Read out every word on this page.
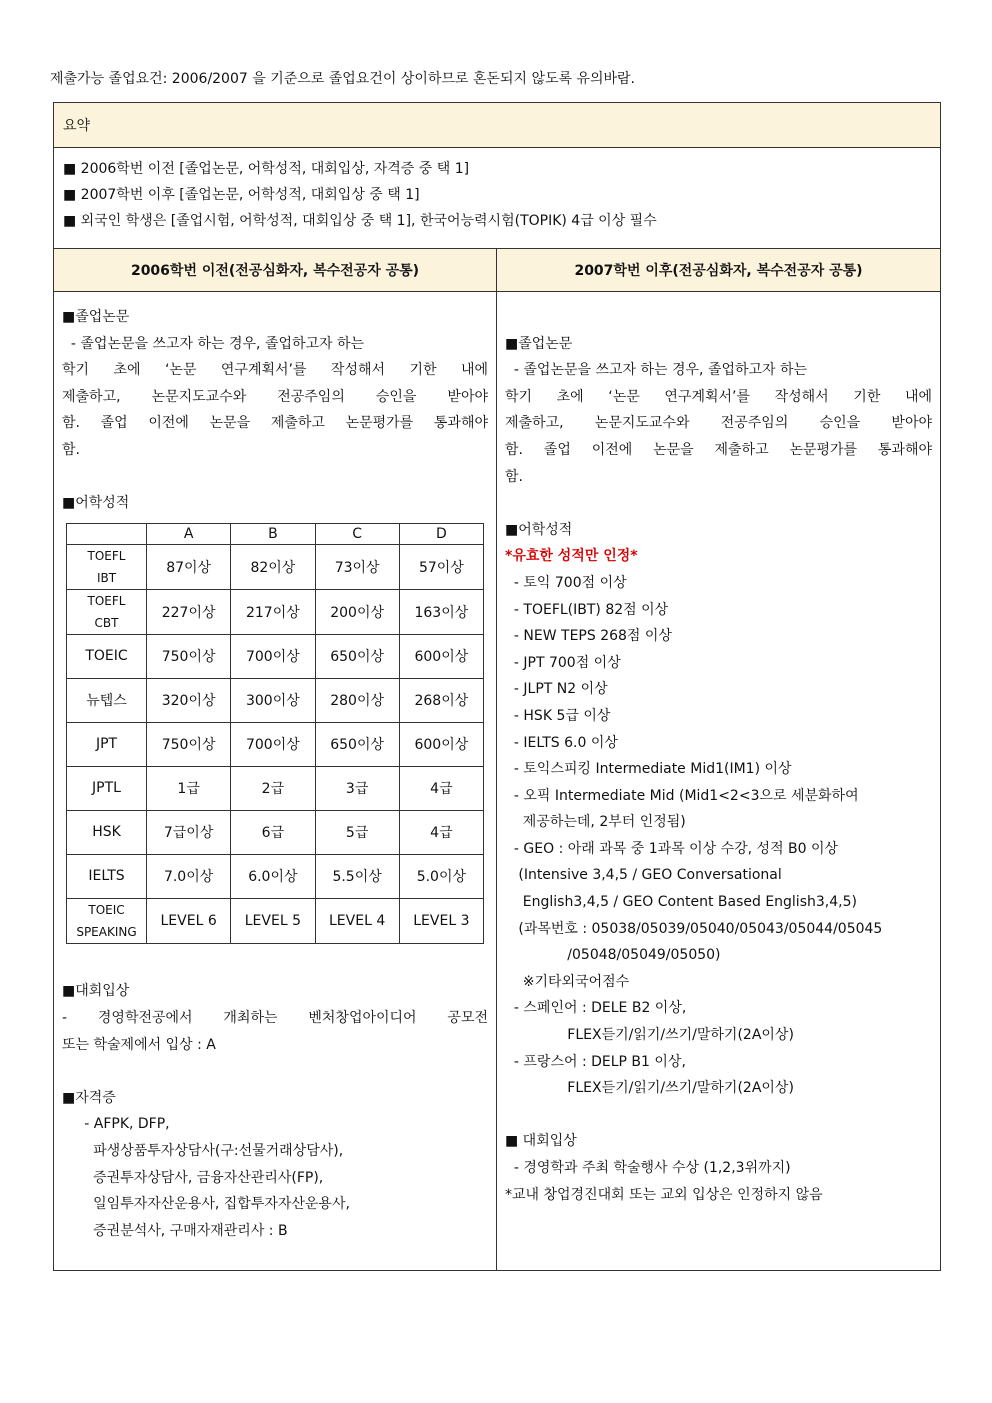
제출가능 졸업요건: 2006/2007 을 기준으로 졸업요건이 상이하므로 혼돈되지 않도록 유의바람.
요약

■ 2006학번 이전 [졸업논문, 어학성적, 대회입상, 자격증 중 택 1]
■ 2007학번 이후 [졸업논문, 어학성적, 대회입상 중 택 1]
■ 외국인 학생은 [졸업시험, 어학성적, 대회입상 중 택 1], 한국어능력시험(TOPIK) 4급 이상 필수

2006학번 이전(전공심화자, 복수전공자 공통)	2007학번 이후(전공심화자, 복수전공자 공통)

■졸업논문
- 졸업논문을 쓰고자 하는 경우, 졸업하고자 하는
학기 초에 ‘논문 연구계획서’를 작성해서 기한 내에
제출하고, 논문지도교수와 전공주임의 승인을 받아야
함. 졸업 이전에 논문을 제출하고 논문평가를 통과해야
함.
■어학성적
	A	B	C	D

TOEFL
IBT
	87이상	82이상	73이상	57이상

TOEFL
CBT
	227이상	217이상	200이상	163이상
TOEIC	750이상	700이상	650이상	600이상
뉴텝스	320이상	300이상	280이상	268이상
JPT	750이상	700이상	650이상	600이상
JPTL	1급	2급	3급	4급
HSK	7급이상	6급	5급	4급
IELTS	7.0이상	6.0이상	5.5이상	5.0이상

TOEIC
SPEAKING
	LEVEL 6	LEVEL 5	LEVEL 4	LEVEL 3
■대회입상
- 경영학전공에서 개최하는 벤처창업아이디어 공모전
또는 학술제에서 입상 : A
■자격증
- AFPK, DFP,
파생상품투자상담사(구:선물거래상담사),
증권투자상담사, 금융자산관리사(FP),
일임투자자산운용사, 집합투자자산운용사,
증권분석사, 구매자재관리사 : B

■졸업논문
- 졸업논문을 쓰고자 하는 경우, 졸업하고자 하는
학기 초에 ‘논문 연구계획서’를 작성해서 기한 내에
제출하고, 논문지도교수와 전공주임의 승인을 받아야
함. 졸업 이전에 논문을 제출하고 논문평가를 통과해야
함.
■어학성적
*유효한 성적만 인정*
- 토익 700점 이상
- TOEFL(IBT) 82점 이상
- NEW TEPS 268점 이상
- JPT 700점 이상
- JLPT N2 이상
- HSK 5급 이상
- IELTS 6.0 이상
- 토익스피킹 Intermediate Mid1(IM1) 이상
- 오픽 Intermediate Mid (Mid1<2<3으로 세분화하여
제공하는데, 2부터 인정됨)
- GEO : 아래 과목 중 1과목 이상 수강, 성적 B0 이상
(Intensive 3,4,5 / GEO Conversational
English3,4,5 / GEO Content Based English3,4,5)
(과목번호 : 05038/05039/05040/05043/05044/05045
/05048/05049/05050)
※기타외국어점수
- 스페인어 : DELE B2 이상,
FLEX듣기/읽기/쓰기/말하기(2A이상)
- 프랑스어 : DELP B1 이상,
FLEX듣기/읽기/쓰기/말하기(2A이상)
■ 대회입상
- 경영학과 주최 학술행사 수상 (1,2,3위까지)
*교내 창업경진대회 또는 교외 입상은 인정하지 않음
